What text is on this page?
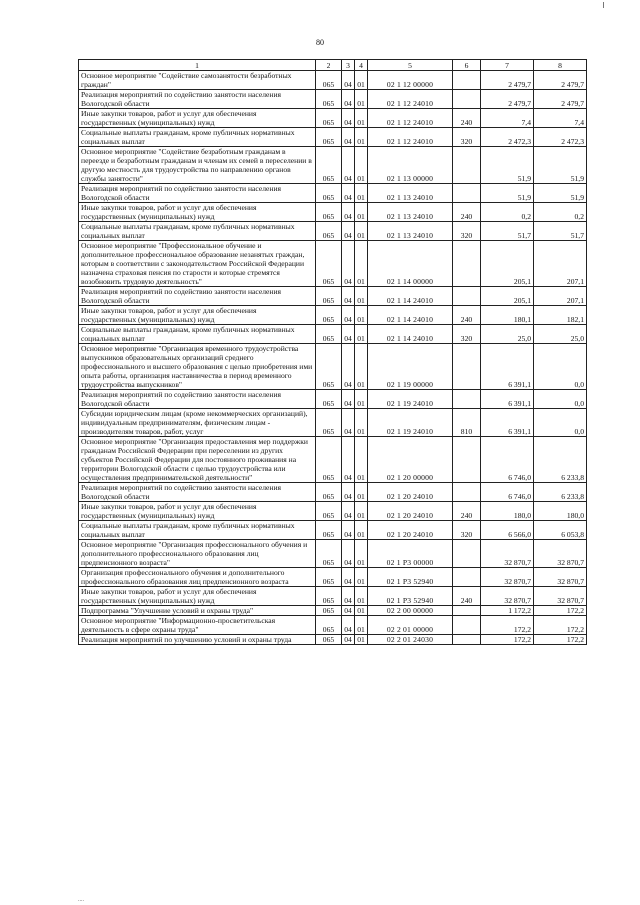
80
1	2	3	4	5	6	7	8
Основное мероприятие "Содействие самозанятости безработных граждан"	065	04	01	02 1 12 00000		2 479,7	2 479,7
Реализация мероприятий по содействию занятости населения Вологодской области	065	04	01	02 1 12 24010		2 479,7	2 479,7
Иные закупки товаров, работ и услуг для обеспечения государственных (муниципальных) нужд	065	04	01	02 1 12 24010	240	7,4	7,4
Социальные выплаты гражданам, кроме публичных нормативных социальных выплат	065	04	01	02 1 12 24010	320	2 472,3	2 472,3
Основное мероприятие "Содействие безработным гражданам в переезде и безработным гражданам и членам их семей в переселении в другую местность для трудоустройства по направлению органов службы занятости"	065	04	01	02 1 13 00000		51,9	51,9
Реализация мероприятий по содействию занятости населения Вологодской области	065	04	01	02 1 13 24010		51,9	51,9
Иные закупки товаров, работ и услуг для обеспечения государственных (муниципальных) нужд	065	04	01	02 1 13 24010	240	0,2	0,2
Социальные выплаты гражданам, кроме публичных нормативных социальных выплат	065	04	01	02 1 13 24010	320	51,7	51,7
Основное мероприятие "Профессиональное обучение и дополнительное профессиональное образование незанятых граждан, которым в соответствии с законодательством Российской Федерации назначена страховая пенсия по старости и которые стремятся возобновить трудовую деятельность"	065	04	01	02 1 14 00000		205,1	207,1
Реализация мероприятий по содействию занятости населения Вологодской области	065	04	01	02 1 14 24010		205,1	207,1
Иные закупки товаров, работ и услуг для обеспечения государственных (муниципальных) нужд	065	04	01	02 1 14 24010	240	180,1	182,1
Социальные выплаты гражданам, кроме публичных нормативных социальных выплат	065	04	01	02 1 14 24010	320	25,0	25,0
Основное мероприятие "Организация временного трудоустройства выпускников образовательных организаций среднего профессионального и высшего образования с целью приобретения ими опыта работы, организация наставничества в период временного трудоустройства выпускников"	065	04	01	02 1 19 00000		6 391,1	0,0
Реализация мероприятий по содействию занятости населения Вологодской области	065	04	01	02 1 19 24010		6 391,1	0,0
Субсидии юридическим лицам (кроме некоммерческих организаций), индивидуальным предпринимателям, физическим лицам - производителям товаров, работ, услуг	065	04	01	02 1 19 24010	810	6 391,1	0,0
Основное мероприятие "Организация предоставления мер поддержки гражданам Российской Федерации при переселении из других субъектов Российской Федерации для постоянного проживания на территории Вологодской области с целью трудоустройства или осуществления предпринимательской деятельности"	065	04	01	02 1 20 00000		6 746,0	6 233,8
Реализация мероприятий по содействию занятости населения Вологодской области	065	04	01	02 1 20 24010		6 746,0	6 233,8
Иные закупки товаров, работ и услуг для обеспечения государственных (муниципальных) нужд	065	04	01	02 1 20 24010	240	180,0	180,0
Социальные выплаты гражданам, кроме публичных нормативных социальных выплат	065	04	01	02 1 20 24010	320	6 566,0	6 053,8
Основное мероприятие "Организация профессионального обучения и дополнительного профессионального образования лиц предпенсионного возраста"	065	04	01	02 1 P3 00000		32 870,7	32 870,7
Организация профессионального обучения и дополнительного профессионального образования лиц предпенсионного возраста	065	04	01	02 1 P3 52940		32 870,7	32 870,7
Иные закупки товаров, работ и услуг для обеспечения государственных (муниципальных) нужд	065	04	01	02 1 P3 52940	240	32 870,7	32 870,7
Подпрограмма "Улучшение условий и охраны труда"	065	04	01	02 2 00 00000		1 172,2	172,2
Основное мероприятие "Информационно-просветительская деятельность в сфере охраны труда"	065	04	01	02 2 01 00000		172,2	172,2
Реализация мероприятий по улучшению условий и охраны труда	065	04	01	02 2 01 24030		172,2	172,2
....
